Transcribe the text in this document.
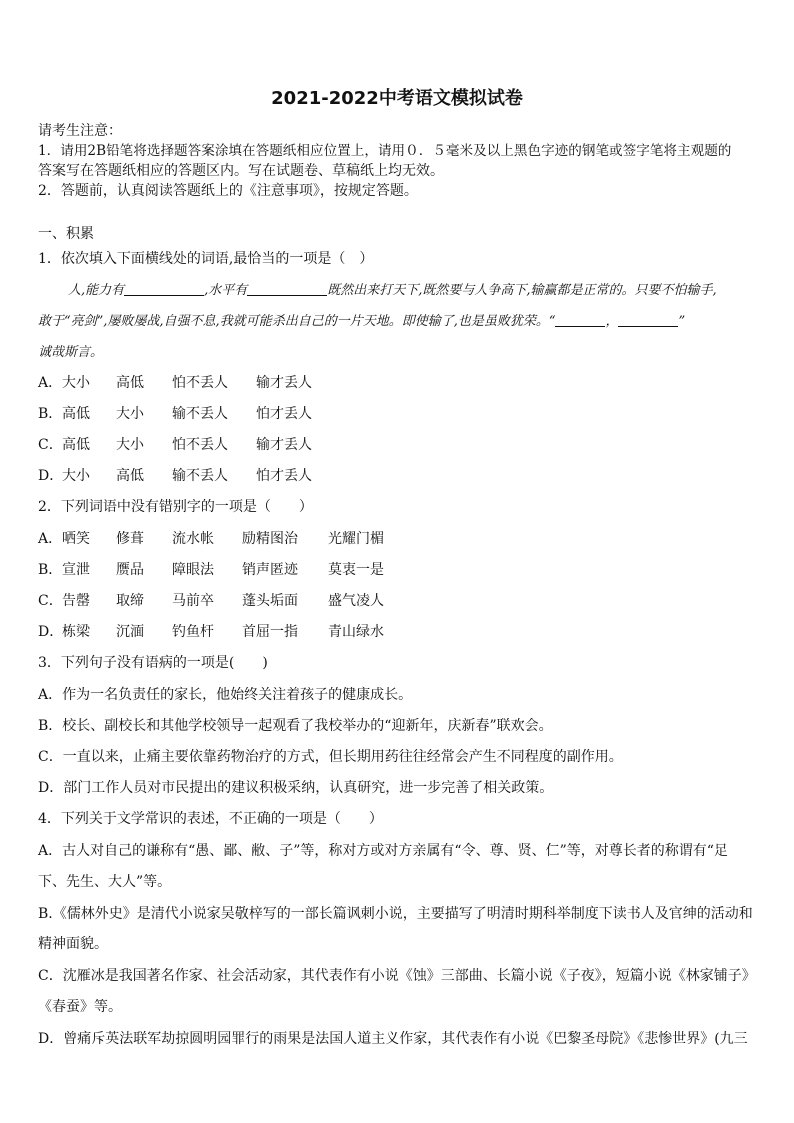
2021-2022中考语文模拟试卷
请考生注意：
1．请用2B铅笔将选择题答案涂填在答题纸相应位置上，请用０．５毫米及以上黑色字迹的钢笔或签字笔将主观题的
答案写在答题纸相应的答题区内。写在试题卷、草稿纸上均无效。
2．答题前，认真阅读答题纸上的《注意事项》，按规定答题。
一、积累
1．依次填入下面横线处的词语,最恰当的一项是（　）
人,能力有	,水平有	既然出来打天下,既然要与人争高下,输赢都是正常的。只要不怕输手,
敢于“亮剑”,屡败屡战,自强不息,我就可能杀出自己的一片天地。即使输了,也是虽败犹荣。“	，	”
诚哉斯言。
A．大小 高低 怕不丢人 输才丢人
B．高低 大小 输不丢人 怕才丢人
C．高低 大小 怕不丢人 输才丢人
D．大小 高低 输不丢人 怕才丢人
2．下列词语中没有错别字的一项是（　　）
A．哂笑 修葺 流水帐 励精图治 光耀门楣
B．宣泄 赝品 障眼法 销声匿迹 莫衷一是
C．告罄 取缔 马前卒 蓬头垢面 盛气凌人
D．栋梁 沉湎 钓鱼杆 首屈一指 青山绿水
3．下列句子没有语病的一项是(　　)
A．作为一名负责任的家长，他始终关注着孩子的健康成长。
B．校长、副校长和其他学校领导一起观看了我校举办的“迎新年，庆新春”联欢会。
C．一直以来，止痛主要依靠药物治疗的方式，但长期用药往往经常会产生不同程度的副作用。
D．部门工作人员对市民提出的建议积极采纳，认真研究，进一步完善了相关政策。
4．下列关于文学常识的表述，不正确的一项是（　　）
A．古人对自己的谦称有“愚、鄙、敝、子”等，称对方或对方亲属有“令、尊、贤、仁”等，对尊长者的称谓有“足
下、先生、大人”等。
B.《儒林外史》是清代小说家吴敬梓写的一部长篇讽刺小说，主要描写了明清时期科举制度下读书人及官绅的活动和
精神面貌。
C．沈雁冰是我国著名作家、社会活动家，其代表作有小说《蚀》三部曲、长篇小说《子夜》，短篇小说《林家铺子》
《春蚕》等。
D．曾痛斥英法联军劫掠圆明园罪行的雨果是法国人道主义作家，其代表作有小说《巴黎圣母院》《悲惨世界》(九三
